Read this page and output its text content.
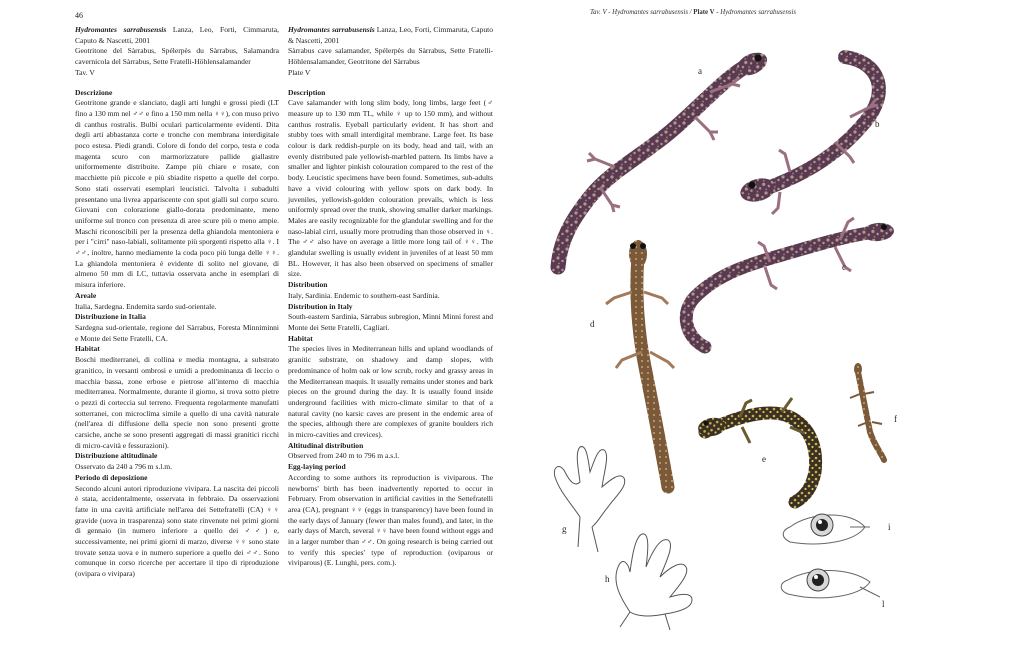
46

Hydromantes sarrabusensis Lanza, Leo, Forti, Cimmaruta, Caputo & Nascetti, 2001

Geotritone del Sàrrabus, Spélerpès du Sàrrabus, Salamandra cavernicola del Sàrrabus, Sette Fratelli-Höhlensalamander

Tav. V

Descrizione

Geotritone grande e slanciato, dagli arti lunghi e grossi piedi (LT fino a 130 mm nel ♂♂ e fino a 150 mm nella ♀♀), con muso privo di canthus rostralis. Bulbi oculari particolarmente evidenti. Dita degli arti abbastanza corte e tronche con membrana interdigitale poco estesa. Piedi grandi. Colore di fondo del corpo, testa e coda magenta scuro con marmorizzature pallide giallastre uniformemente distribuite. Zampe più chiare e rosate, con macchiette più piccole e più sbiadite rispetto a quelle del corpo. Sono stati osservati esemplari leucistici. Talvolta i subadulti presentano una livrea appariscente con spot gialli sul corpo scuro. Giovani con colorazione giallo-dorata predominante, meno uniforme sul tronco con presenza di aree scure più o meno ampie. Maschi riconoscibili per la presenza della ghiandola mentoniera e per i "cirri" naso-labiali, solitamente più sporgenti rispetto alla ♀. I ♂♂, inoltre, hanno mediamente la coda poco più lunga delle ♀♀. La ghiandola mentoniera è evidente di solito nel giovane, di almeno 50 mm di LC, tuttavia osservata anche in esemplari di misura inferiore.

Areale

Italia, Sardegna. Endemita sardo sud-orientale.

Distribuzione in Italia

Sardegna sud-orientale, regione del Sàrrabus, Foresta Minniminni e Monte dei Sette Fratelli, CA.

Habitat

Boschi mediterranei, di collina e media montagna, a substrato granitico, in versanti ombrosi e umidi a predominanza di leccio o macchia bassa, zone erbose e pietrose all'interno di macchia mediterranea. Normalmente, durante il giorno, si trova sotto pietre o pezzi di corteccia sul terreno. Frequenta regolarmente manufatti sotterranei, con microclima simile a quello di una cavità naturale (nell'area di diffusione della specie non sono presenti grotte carsiche, anche se sono presenti aggregati di massi granitici ricchi di micro-cavità e fessurazioni).

Distribuzione altitudinale

Osservato da 240 a 796 m s.l.m.

Periodo di deposizione

Secondo alcuni autori riproduzione vivipara. La nascita dei piccoli è stata, accidentalmente, osservata in febbraio. Da osservazioni fatte in una cavità artificiale nell'area dei Settefratelli (CA) ♀♀ gravide (uova in trasparenza) sono state rinvenute nei primi giorni di gennaio (in numero inferiore a quello dei ♂♂) e, successivamente, nei primi giorni di marzo, diverse ♀♀ sono state trovate senza uova e in numero superiore a quello dei ♂♂. Sono comunque in corso ricerche per accertare il tipo di riproduzione (ovipara o vivipara)

Hydromantes sarrabusensis Lanza, Leo, Forti, Cimmaruta, Caputo & Nascetti, 2001

Sàrrabus cave salamander, Spélerpès du Sàrrabus, Sette Fratelli-Höhlensalamander, Geotritone del Sàrrabus

Plate V

Description

Cave salamander with long slim body, long limbs, large feet (♂ measure up to 130 mm TL, while ♀ up to 150 mm), and without canthus rostralis. Eyeball particularly evident. It has short and stubby toes with small interdigital membrane. Large feet. Its base colour is dark reddish-purple on its body, head and tail, with an evenly distributed pale yellowish-marbled pattern. Its limbs have a smaller and lighter pinkish colouration compared to the rest of the body. Leucistic specimens have been found. Sometimes, sub-adults have a vivid colouring with yellow spots on dark body. In juveniles, yellowish-golden colouration prevails, which is less uniformly spread over the trunk, showing smaller darker markings. Males are easily recognizable for the glandular swelling and for the naso-labial cirri, usually more protruding than those observed in ♀. The ♂♂ also have on average a little more long tail of ♀♀. The glandular swelling is usually evident in juveniles of at least 50 mm BL. However, it has also been observed on specimens of smaller size.

Distribution

Italy, Sardinia. Endemic to southern-east Sardinia.

Distribution in Italy

South-eastern Sardinia, Sàrrabus subregion, Minni Minni forest and Monte dei Sette Fratelli, Cagliari.

Habitat

The species lives in Mediterranean hills and upland woodlands of granitic substrate, on shadowy and damp slopes, with predominance of holm oak or low scrub, rocky and grassy areas in the Mediterranean maquis. It usually remains under stones and bark pieces on the ground during the day. It is usually found inside underground facilities with micro-climate similar to that of a natural cavity (no karsic caves are present in the endemic area of the species, although there are complexes of granite boulders rich in micro-cavities and crevices).

Altitudinal distribution

Observed from 240 m to 796 m a.s.l.

Egg-laying period

According to some authors its reproduction is viviparous. The newborns' birth has been inadvertently reported to occur in February. From observation in artificial cavities in the Settefratelli area (CA), pregnant ♀♀ (eggs in transparency) have been found in the early days of January (fewer than males found), and later, in the early days of March, several ♀♀ have been found without eggs and in a larger number than ♂♂. On going research is being carried out to verify this species' type of reproduction (oviparous or viviparous) (E. Lunghi, pers. com.).

Tav. V - Hydromantes sarrabusensis / Plate V - Hydromantes sarrabusensis
a
b
c
d
e
f
g
h
i
l
